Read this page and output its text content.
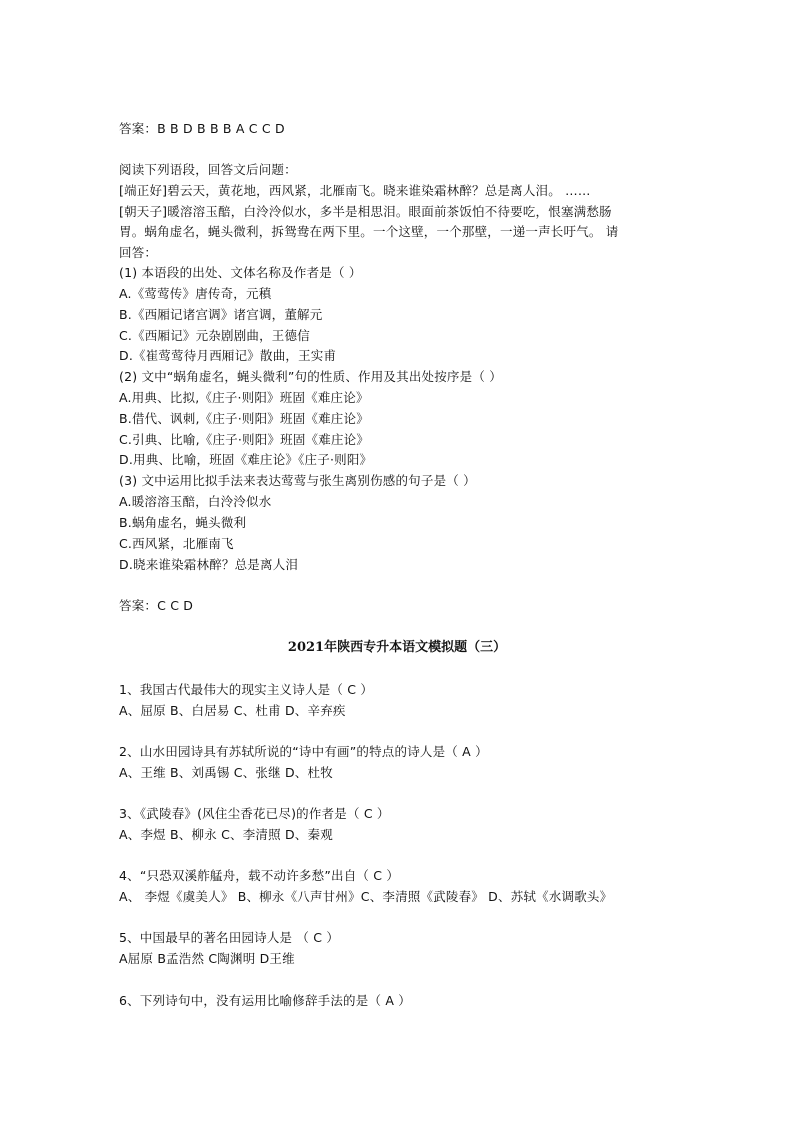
答案：B B D B B B A C C D
阅读下列语段，回答文后问题：
[端正好]碧云天，黄花地，西风紧，北雁南飞。晓来谁染霜林醉？总是离人泪。 ……
[朝天子]暖溶溶玉醅，白泠泠似水，多半是相思泪。眼面前茶饭怕不待要吃，恨塞满愁肠
胃。蜗角虚名，蝇头微利，拆鸳鸯在两下里。一个这壁，一个那壁，一递一声长吁气。 请
回答：
(1) 本语段的出处、文体名称及作者是（ ）
A.《莺莺传》唐传奇，元稹
B.《西厢记诸宫调》诸宫调，董解元
C.《西厢记》元杂剧剧曲，王德信
D.《崔莺莺待月西厢记》散曲，王实甫
(2) 文中“蜗角虚名，蝇头微利”句的性质、作用及其出处按序是（ ）
A.用典、比拟,《庄子·则阳》班固《难庄论》
B.借代、讽刺,《庄子·则阳》班固《难庄论》
C.引典、比喻,《庄子·则阳》班固《难庄论》
D.用典、比喻，班固《难庄论》《庄子·则阳》
(3) 文中运用比拟手法来表达莺莺与张生离别伤感的句子是（ ）
A.暖溶溶玉醅，白泠泠似水
B.蜗角虚名，蝇头微利
C.西风紧，北雁南飞
D.晓来谁染霜林醉？总是离人泪
答案：C C D
2021年陕西专升本语文模拟题（三）
1、我国古代最伟大的现实主义诗人是（ C ）
A、屈原 B、白居易 C、杜甫 D、辛弃疾
2、山水田园诗具有苏轼所说的“诗中有画”的特点的诗人是（ A ）
A、王维 B、刘禹锡 C、张继 D、杜牧
3、《武陵春》(风住尘香花已尽)的作者是（ C ）
A、李煜 B、柳永 C、李清照 D、秦观
4、“只恐双溪舴艋舟，载不动许多愁”出自（ C ）
A、 李煜《虞美人》 B、柳永《八声甘州》C、李清照《武陵春》 D、苏轼《水调歌头》
5、中国最早的著名田园诗人是 （ C ）
A屈原 B孟浩然 C陶渊明 D王维
6、下列诗句中，没有运用比喻修辞手法的是（ A ）
